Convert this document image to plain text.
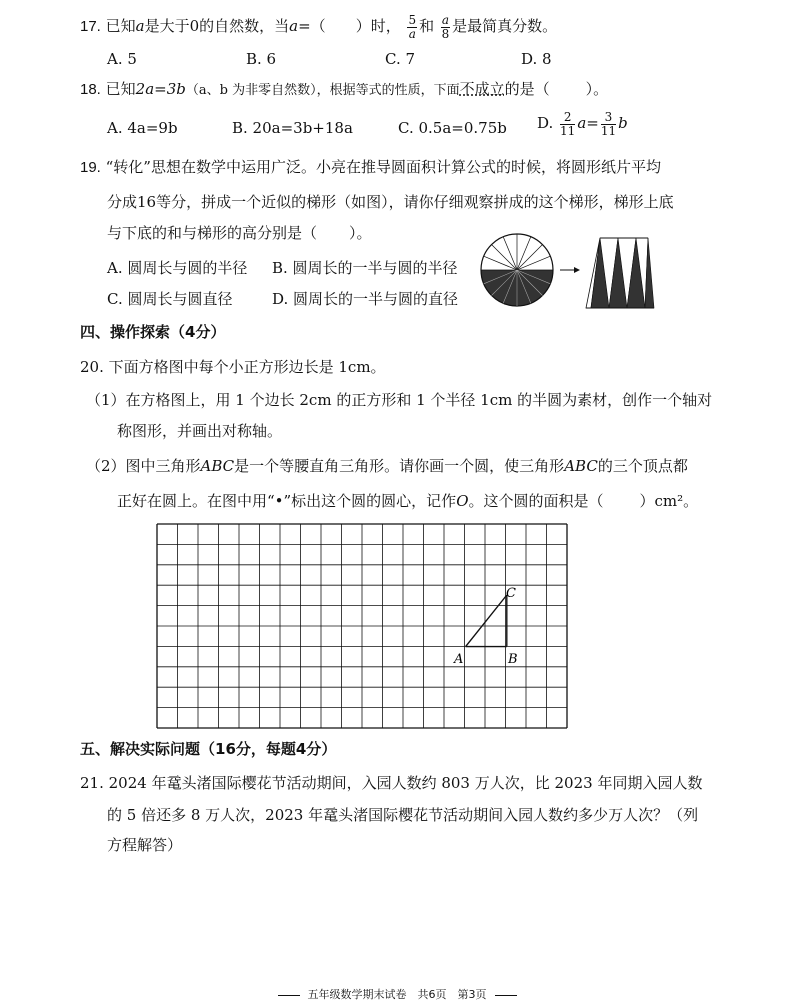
17. 已知a是大于0的自然数，当a=（ ）时， $\frac{5}{a}$ 和 $\frac{a}{8}$ 是最简真分数。
A. 5	B. 6	C. 7	D. 8
18. 已知2a=3b（a、b 为非零自然数），根据等式的性质，下面不成立的是（ ）。
A. 4a=9b	B. 20a=3b+18a	C. 0.5a=0.75b D. $\frac{2}{11} a= \frac{3}{11}$ b
19. “转化”思想在数学中运用广泛。小亮在推导圆面积计算公式的时候，将圆形纸片平均
分成16等分，拼成一个近似的梯形（如图），请你仔细观察拼成的这个梯形，梯形上底
与下底的和与梯形的高分别是（ ）。
A. 圆周长与圆的半径 B. 圆周长的一半与圆的半径
C. 圆周长与圆直径	D. 圆周长的一半与圆的直径
四、操作探索（4分）
20. 下面方格图中每个小正方形边长是 1cm。
（1）在方格图上，用 1 个边长 2cm 的正方形和 1 个半径 1cm 的半圆为素材，创作一个轴对
称图形，并画出对称轴。
（2）图中三角形ABC是一个等腰直角三角形。请你画一个圆，使三角形ABC的三个顶点都
正好在圆上。在图中用“•”标出这个圆的圆心，记作O。这个圆的面积是（ ）cm²。
A	B
C
五、解决实际问题（16分，每题4分）
21. 2024 年鼋头渚国际樱花节活动期间，入园人数约 803 万人次，比 2023 年同期入园人数
的 5 倍还多 8 万人次，2023 年鼋头渚国际樱花节活动期间入园人数约多少万人次？（列
方程解答）
五年级数学期末试卷　共6页　第3页
